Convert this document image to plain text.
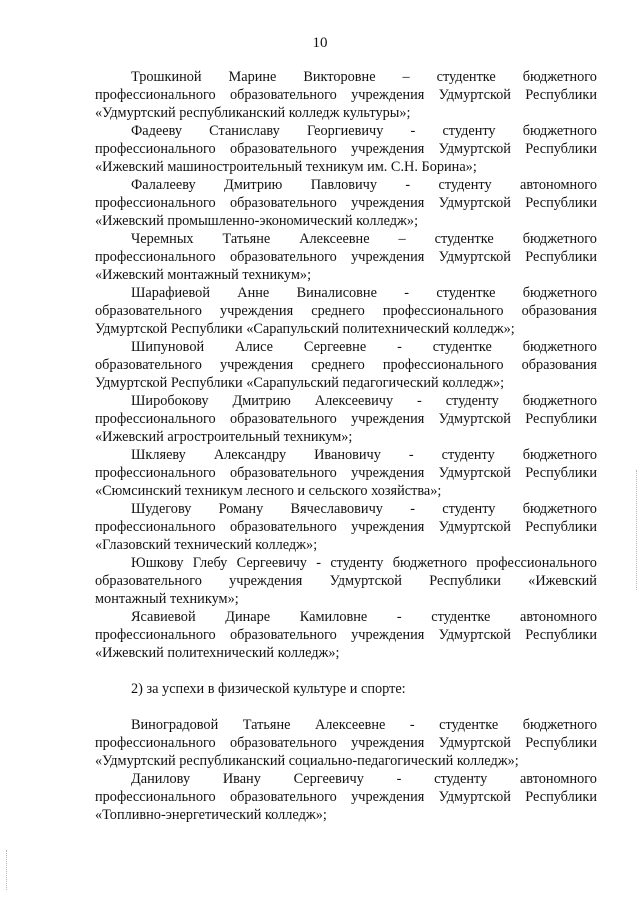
10

Трошкиной Марине Викторовне – студентке бюджетного
профессионального образовательного учреждения Удмуртской Республики
«Удмуртский республиканский колледж культуры»;

Фадееву Станиславу Георгиевичу - студенту бюджетного
профессионального образовательного учреждения Удмуртской Республики
«Ижевский машиностроительный техникум им. С.Н. Борина»;

Фалалееву Дмитрию Павловичу - студенту автономного
профессионального образовательного учреждения Удмуртской Республики
«Ижевский промышленно-экономический колледж»;

Черемных Татьяне Алексеевне – студентке бюджетного
профессионального образовательного учреждения Удмуртской Республики
«Ижевский монтажный техникум»;

Шарафиевой Анне Виналисовне - студентке бюджетного
образовательного учреждения среднего профессионального образования
Удмуртской Республики «Сарапульский политехнический колледж»;

Шипуновой Алисе Сергеевне - студентке бюджетного
образовательного учреждения среднего профессионального образования
Удмуртской Республики «Сарапульский педагогический колледж»;

Широбокову Дмитрию Алексеевичу - студенту бюджетного
профессионального образовательного учреждения Удмуртской Республики
«Ижевский агростроительный техникум»;

Шкляеву Александру Ивановичу - студенту бюджетного
профессионального образовательного учреждения Удмуртской Республики
«Сюмсинский техникум лесного и сельского хозяйства»;

Шудегову Роману Вячеславовичу - студенту бюджетного
профессионального образовательного учреждения Удмуртской Республики
«Глазовский технический колледж»;

Юшкову Глебу Сергеевичу - студенту бюджетного профессионального
образовательного учреждения Удмуртской Республики «Ижевский
монтажный техникум»;

Ясавиевой Динаре Камиловне - студентке автономного
профессионального образовательного учреждения Удмуртской Республики
«Ижевский политехнический колледж»;

2) за успехи в физической культуре и спорте:

Виноградовой Татьяне Алексеевне - студентке бюджетного
профессионального образовательного учреждения Удмуртской Республики
«Удмуртский республиканский социально-педагогический колледж»;

Данилову Ивану Сергеевичу - студенту автономного
профессионального образовательного учреждения Удмуртской Республики
«Топливно-энергетический колледж»;
